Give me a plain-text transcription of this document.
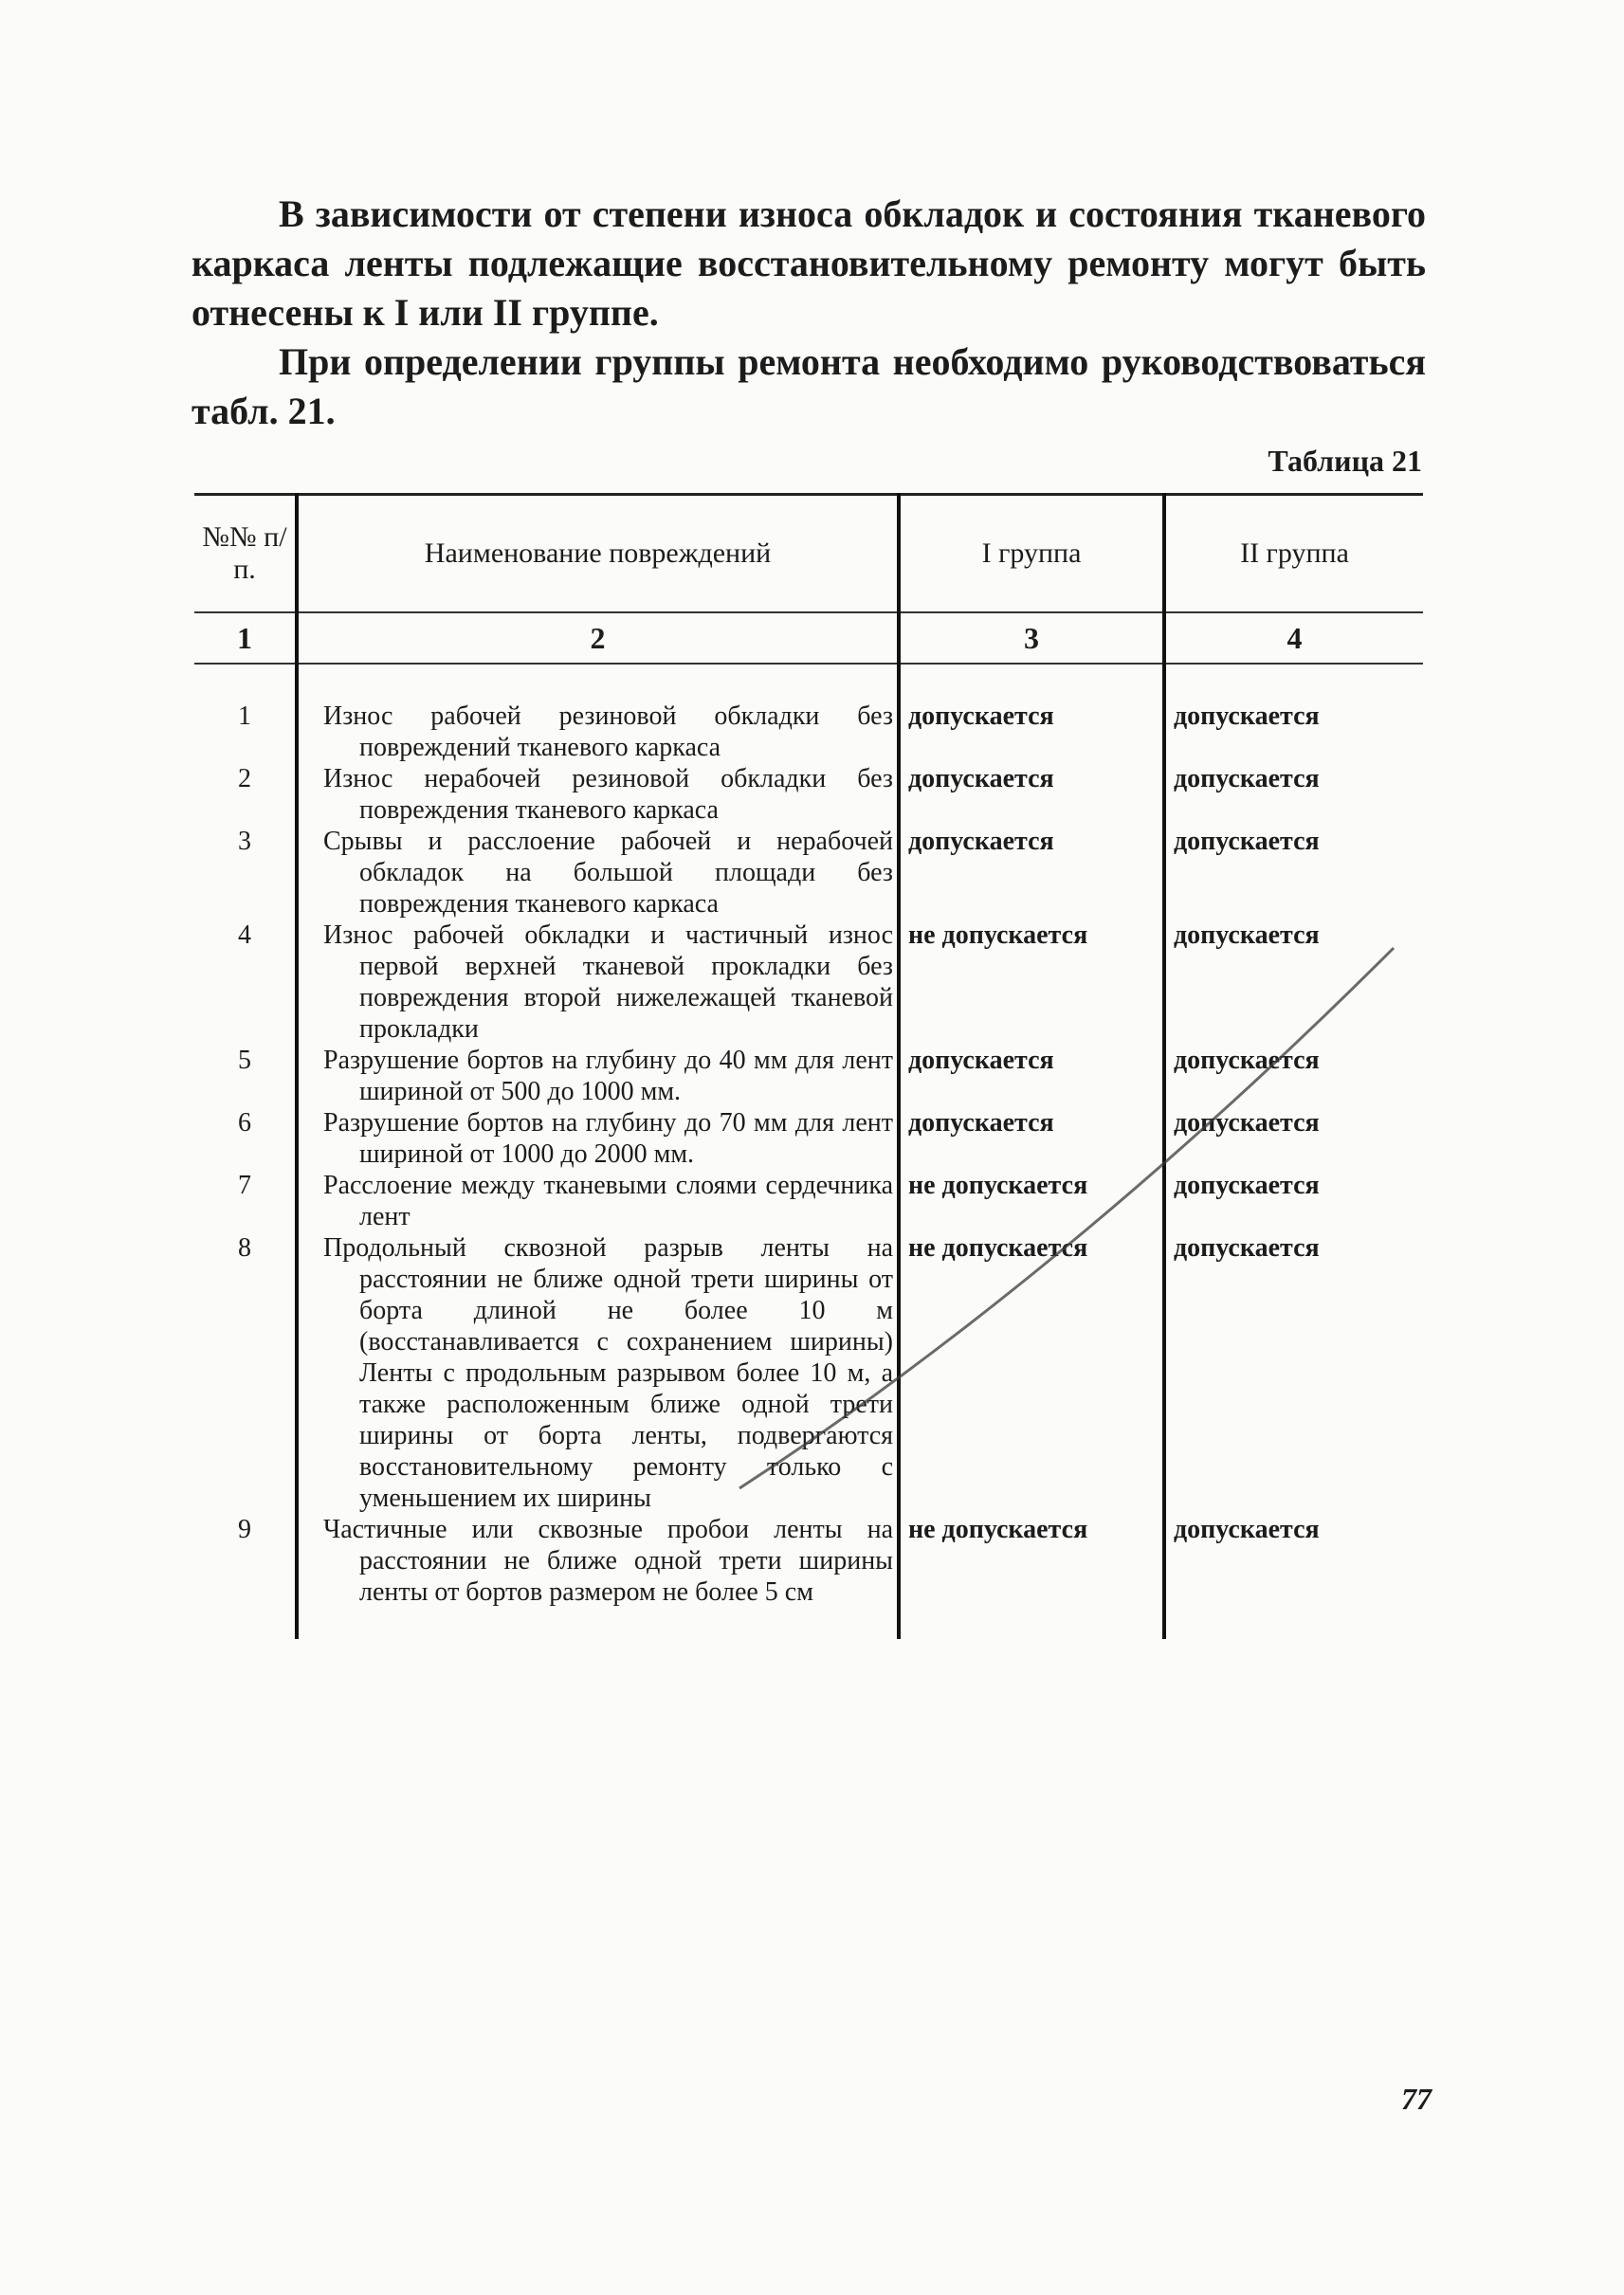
В зависимости от степени износа обкладок и состояния тканевого каркаса ленты подлежащие восстановительному ремонту могут быть отнесены к I или II группе.

При определении группы ремонта необходимо руководствоваться табл. 21.

Таблица 21
№№ п/п.	Наименование повреждений	I группа	II группа
1	2	3	4
1	Износ рабочей резиновой обкладки без повреждений тканевого каркаса	допускается	допускается
2	Износ нерабочей резиновой обкладки без повреждения тканевого каркаса	допускается	допускается
3	Срывы и расслоение рабочей и нерабочей обкладок на большой площади без повреждения тканевого каркаса	допускается	допускается
4	Износ рабочей обкладки и частичный износ первой верхней тканевой прокладки без повреждения второй нижележащей тканевой прокладки	не допускается	допускается
5	Разрушение бортов на глубину до 40 мм для лент шириной от 500 до 1000 мм.	допускается	допускается
6	Разрушение бортов на глубину до 70 мм для лент шириной от 1000 до 2000 мм.	допускается	допускается
7	Расслоение между тканевыми слоями сердечника лент	не допускается	допускается
8	Продольный сквозной разрыв ленты на расстоянии не ближе одной трети ширины от борта длиной не более 10 м (восстанавливается с сохранением ширины) Ленты с продольным разрывом более 10 м, а также расположенным ближе одной трети ширины от борта ленты, подвергаются восстановительному ремонту только с уменьшением их ширины	не допускается	допускается
9	Частичные или сквозные пробои ленты на расстоянии не ближе одной трети ширины ленты от бортов размером не более 5 см	не допускается	допускается
77
